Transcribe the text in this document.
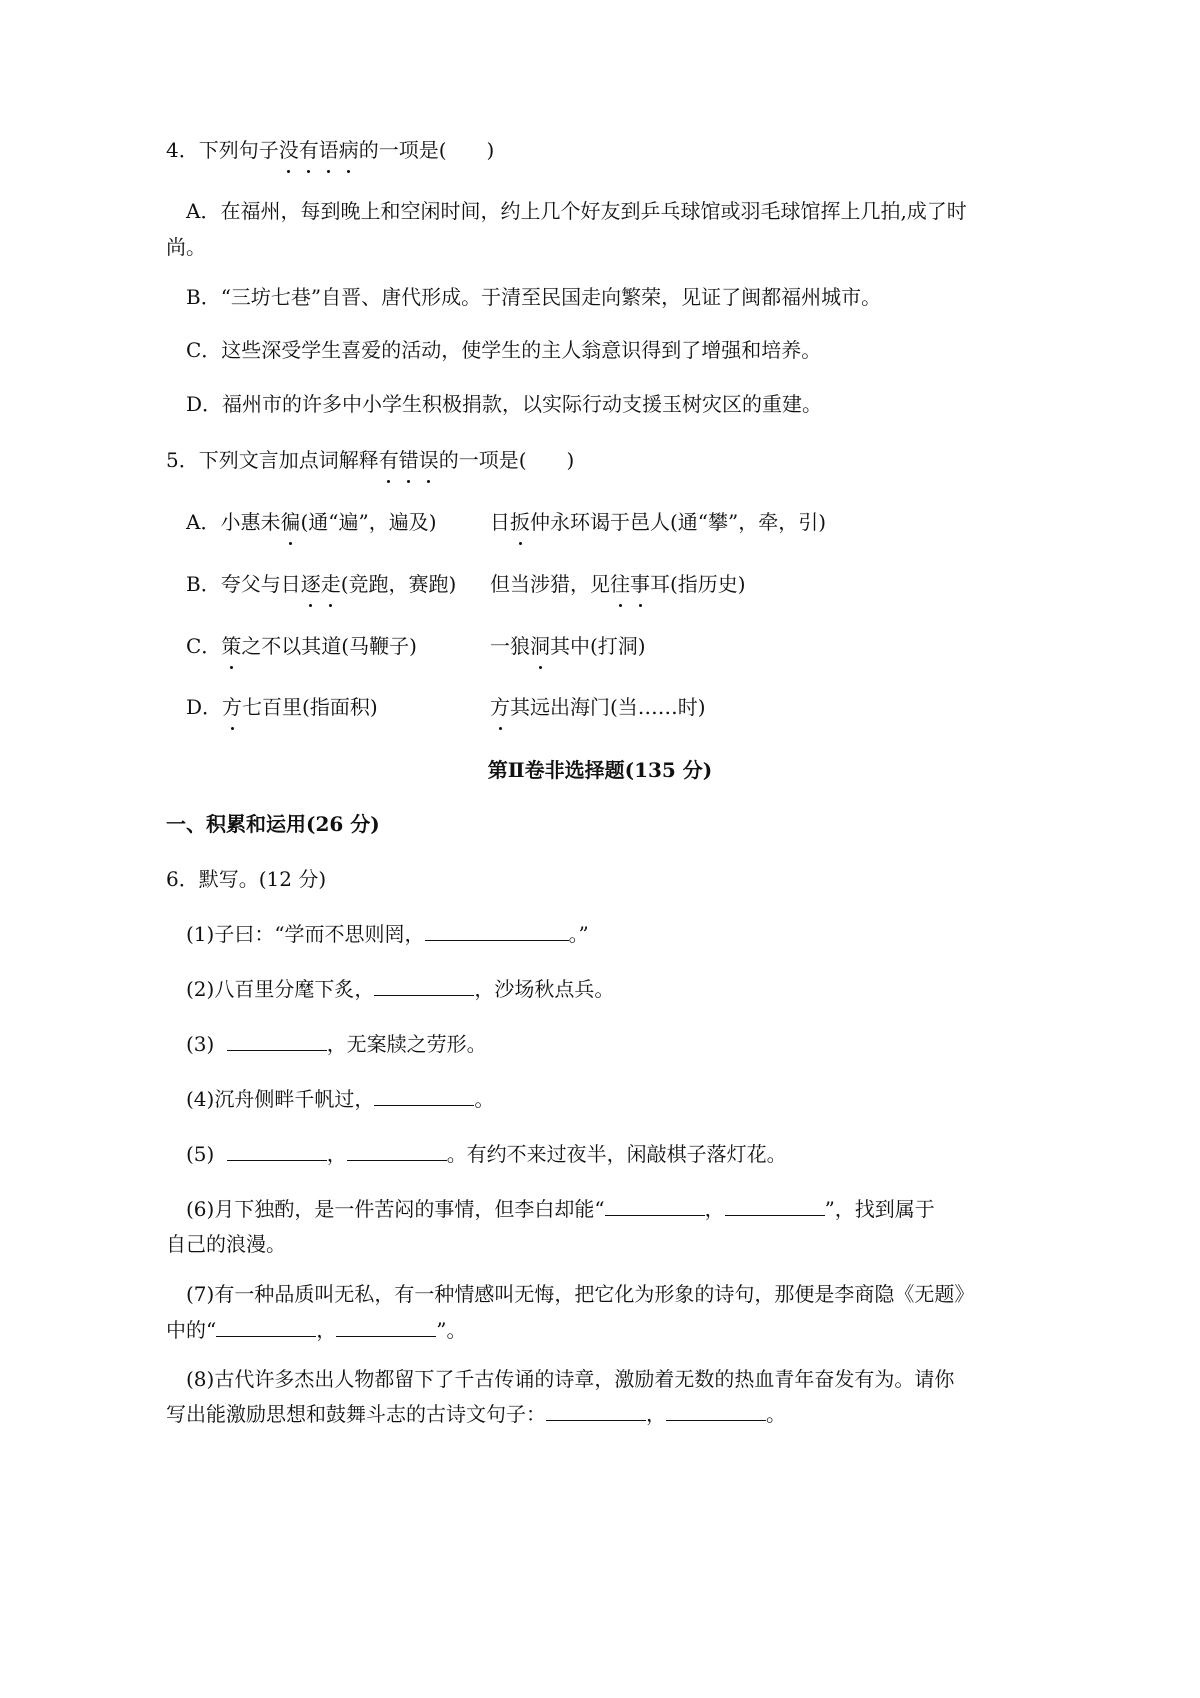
4．下列句子没有语病的一项是(　　)
A．在福州，每到晚上和空闲时间，约上几个好友到乒乓球馆或羽毛球馆挥上几拍,成了时
尚。
B．“三坊七巷”自晋、唐代形成。于清至民国走向繁荣，见证了闽都福州城市。
C．这些深受学生喜爱的活动，使学生的主人翁意识得到了增强和培养。
D．福州市的许多中小学生积极捐款，以实际行动支援玉树灾区的重建。
5．下列文言加点词解释有错误的一项是(　　)
A．小惠未徧(通“遍”，遍及)	日扳仲永环谒于邑人(通“攀”，牵，引)
B．夸父与日逐走(竞跑，赛跑) 但当涉猎，见往事耳(指历史)
C．策之不以其道(马鞭子)	一狼洞其中(打洞)
D．方七百里(指面积)	方其远出海门(当……时)
第Ⅱ卷非选择题(135 分)
一、积累和运用(26 分)
6．默写。(12 分)
(1)子曰：“学而不思则罔，	。”
(2)八百里分麾下炙，	，沙场秋点兵。
(3)	，无案牍之劳形。
(4)沉舟侧畔千帆过，	。
(5)	，	。有约不来过夜半，闲敲棋子落灯花。
(6)月下独酌，是一件苦闷的事情，但李白却能“	，	”，找到属于
自己的浪漫。
(7)有一种品质叫无私，有一种情感叫无悔，把它化为形象的诗句，那便是李商隐《无题》
中的“	，	”。
(8)古代许多杰出人物都留下了千古传诵的诗章，激励着无数的热血青年奋发有为。请你
写出能激励思想和鼓舞斗志的古诗文句子：	，	。
